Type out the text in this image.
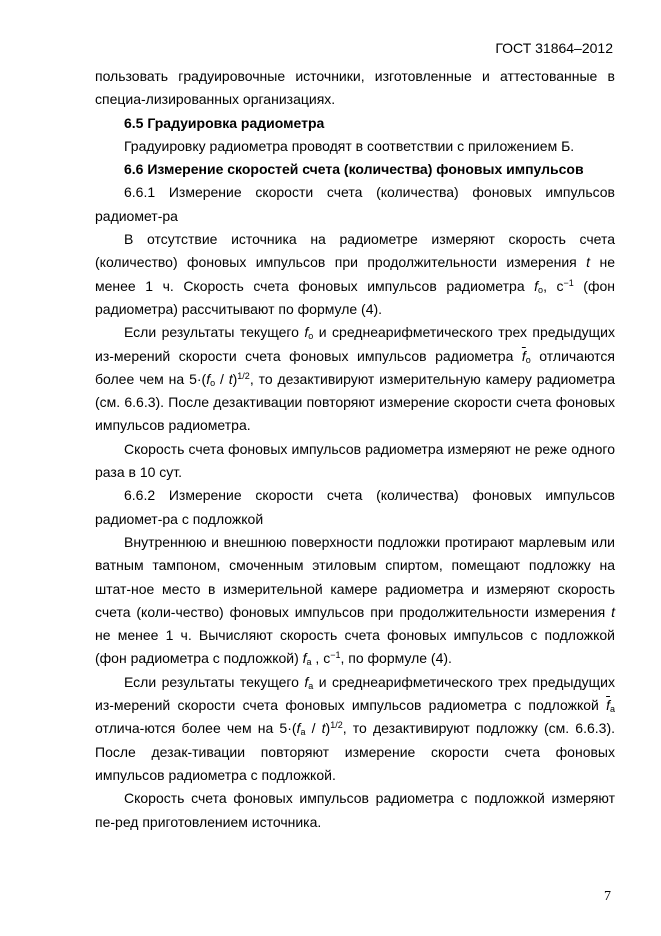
ГОСТ 31864–2012

пользовать градуировочные источники, изготовленные и аттестованные в специа-лизированных организациях.

6.5 Градуировка радиометра

Градуировку радиометра проводят в соответствии с приложением Б.

6.6 Измерение скоростей счета (количества) фоновых импульсов

6.6.1 Измерение скорости счета (количества) фоновых импульсов радиомет-ра

В отсутствие источника на радиометре измеряют скорость счета (количество) фоновых импульсов при продолжительности измерения t не менее 1 ч. Скорость счета фоновых импульсов радиометра $f_o$, $с^{-1}$ (фон радиометра) рассчитывают по формуле (4).

Если результаты текущего $f_o$ и среднеарифметического трех предыдущих из-мерений скорости счета фоновых импульсов радиометра $\overline{f}_o$ отличаются более чем на $5\cdot(f_o / t)^{1/2}$, то дезактивируют измерительную камеру радиометра (см. 6.6.3). После дезактивации повторяют измерение скорости счета фоновых импульсов радиометра.

Скорость счета фоновых импульсов радиометра измеряют не реже одного раза в 10 сут.

6.6.2 Измерение скорости счета (количества) фоновых импульсов радиомет-ра с подложкой

Внутреннюю и внешнюю поверхности подложки протирают марлевым или ватным тампоном, смоченным этиловым спиртом, помещают подложку на штат-ное место в измерительной камере радиометра и измеряют скорость счета (коли-чество) фоновых импульсов при продолжительности измерения t не менее 1 ч. Вычисляют скорость счета фоновых импульсов с подложкой (фон радиометра с подложкой) $f_a$ , $с^{-1}$, по формуле (4).

Если результаты текущего $f_a$ и среднеарифметического трех предыдущих из-мерений скорости счета фоновых импульсов радиометра с подложкой $\overline{f}_a$ отлича-ются более чем на $5\cdot(f_a / t)^{1/2}$, то дезактивируют подложку (см. 6.6.3). После дезак-тивации повторяют измерение скорости счета фоновых импульсов радиометра с подложкой.

Скорость счета фоновых импульсов радиометра с подложкой измеряют пе-ред приготовлением источника.

7
